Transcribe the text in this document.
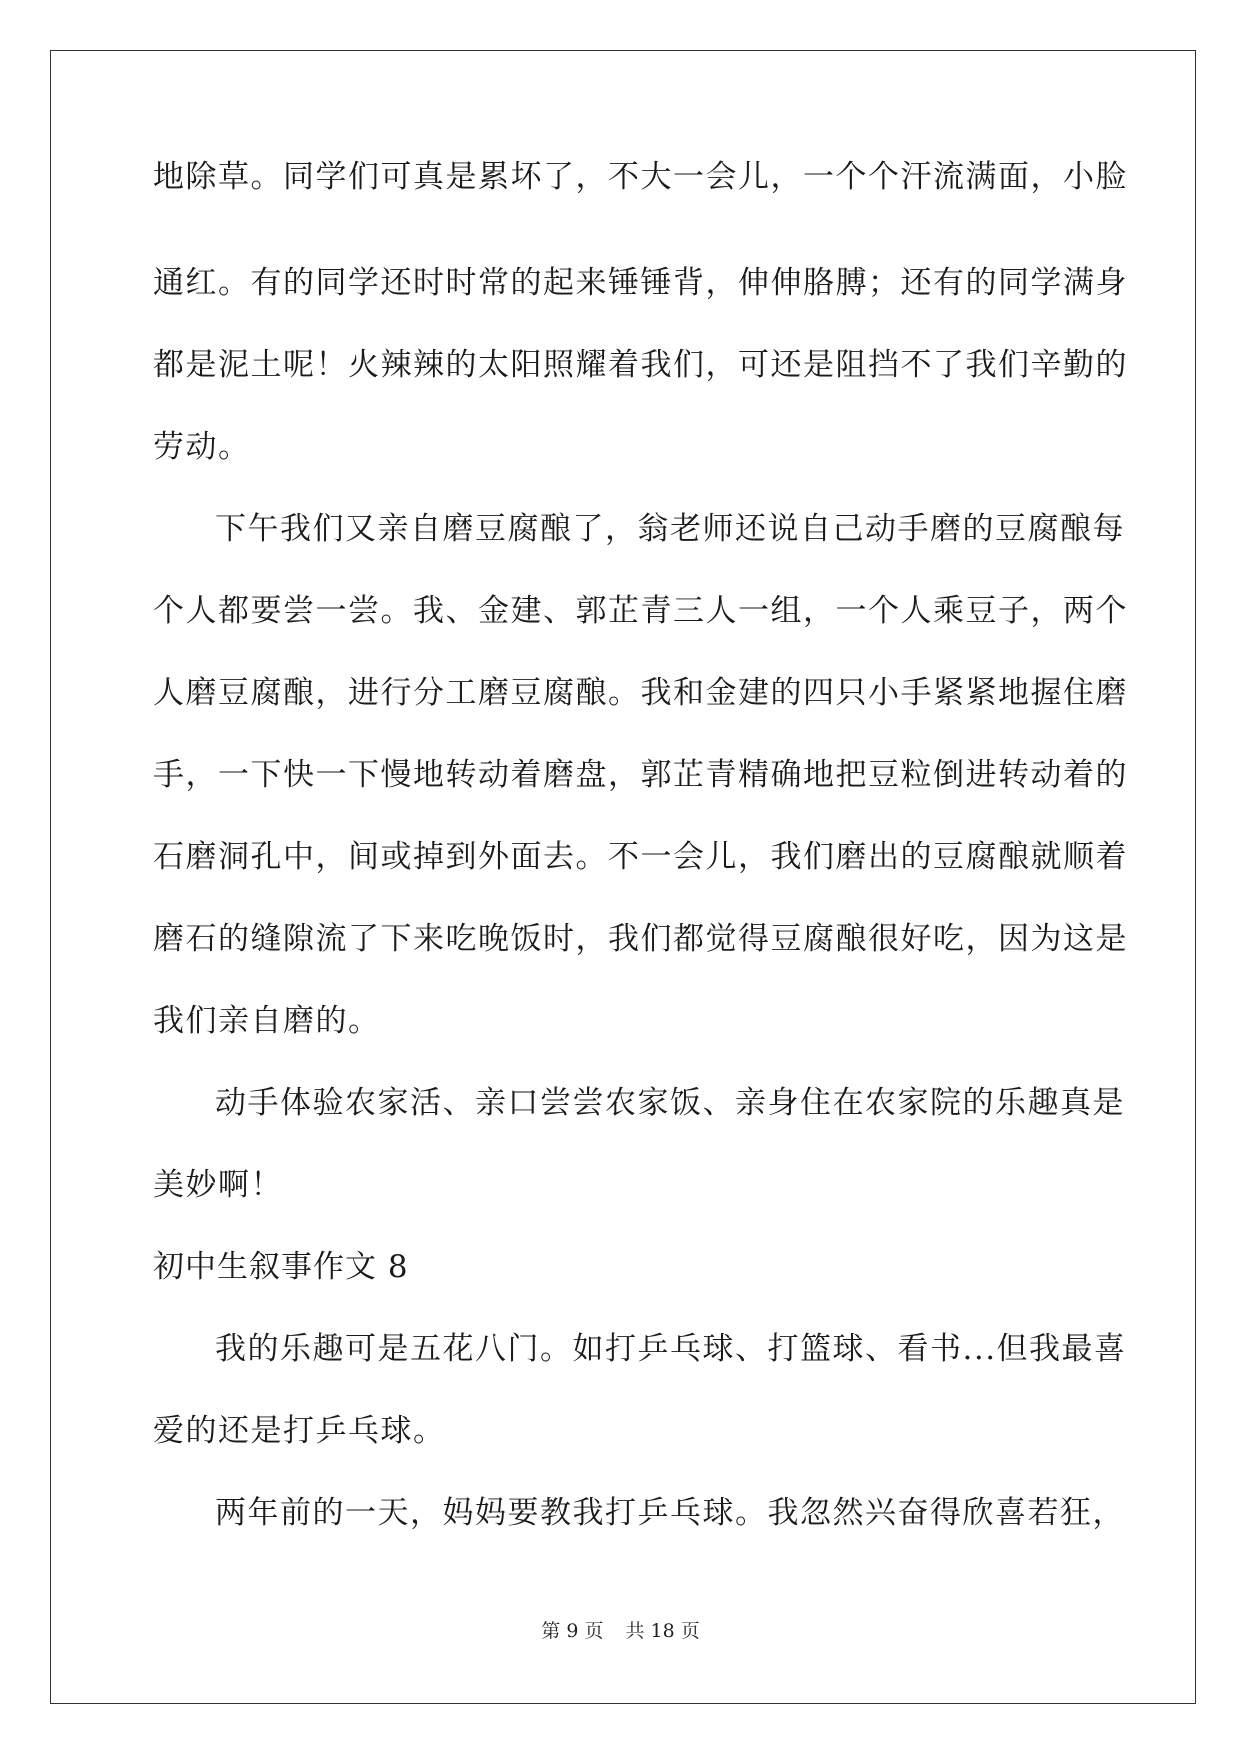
地除草。同学们可真是累坏了，不大一会儿，一个个汗流满面，小脸
通红。有的同学还时时常的起来锤锤背，伸伸胳膊；还有的同学满身
都是泥土呢！火辣辣的太阳照耀着我们，可还是阻挡不了我们辛勤的
劳动。
下午我们又亲自磨豆腐酿了，翁老师还说自己动手磨的豆腐酿每
个人都要尝一尝。我、金建、郭芷青三人一组，一个人乘豆子，两个
人磨豆腐酿，进行分工磨豆腐酿。我和金建的四只小手紧紧地握住磨
手，一下快一下慢地转动着磨盘，郭芷青精确地把豆粒倒进转动着的
石磨洞孔中，间或掉到外面去。不一会儿，我们磨出的豆腐酿就顺着
磨石的缝隙流了下来吃晚饭时，我们都觉得豆腐酿很好吃，因为这是
我们亲自磨的。
动手体验农家活、亲口尝尝农家饭、亲身住在农家院的乐趣真是
美妙啊！
初中生叙事作文 8
我的乐趣可是五花八门。如打乒乓球、打篮球、看书...但我最喜
爱的还是打乒乓球。
两年前的一天，妈妈要教我打乒乓球。我忽然兴奋得欣喜若狂，
第 9 页 共 18 页
